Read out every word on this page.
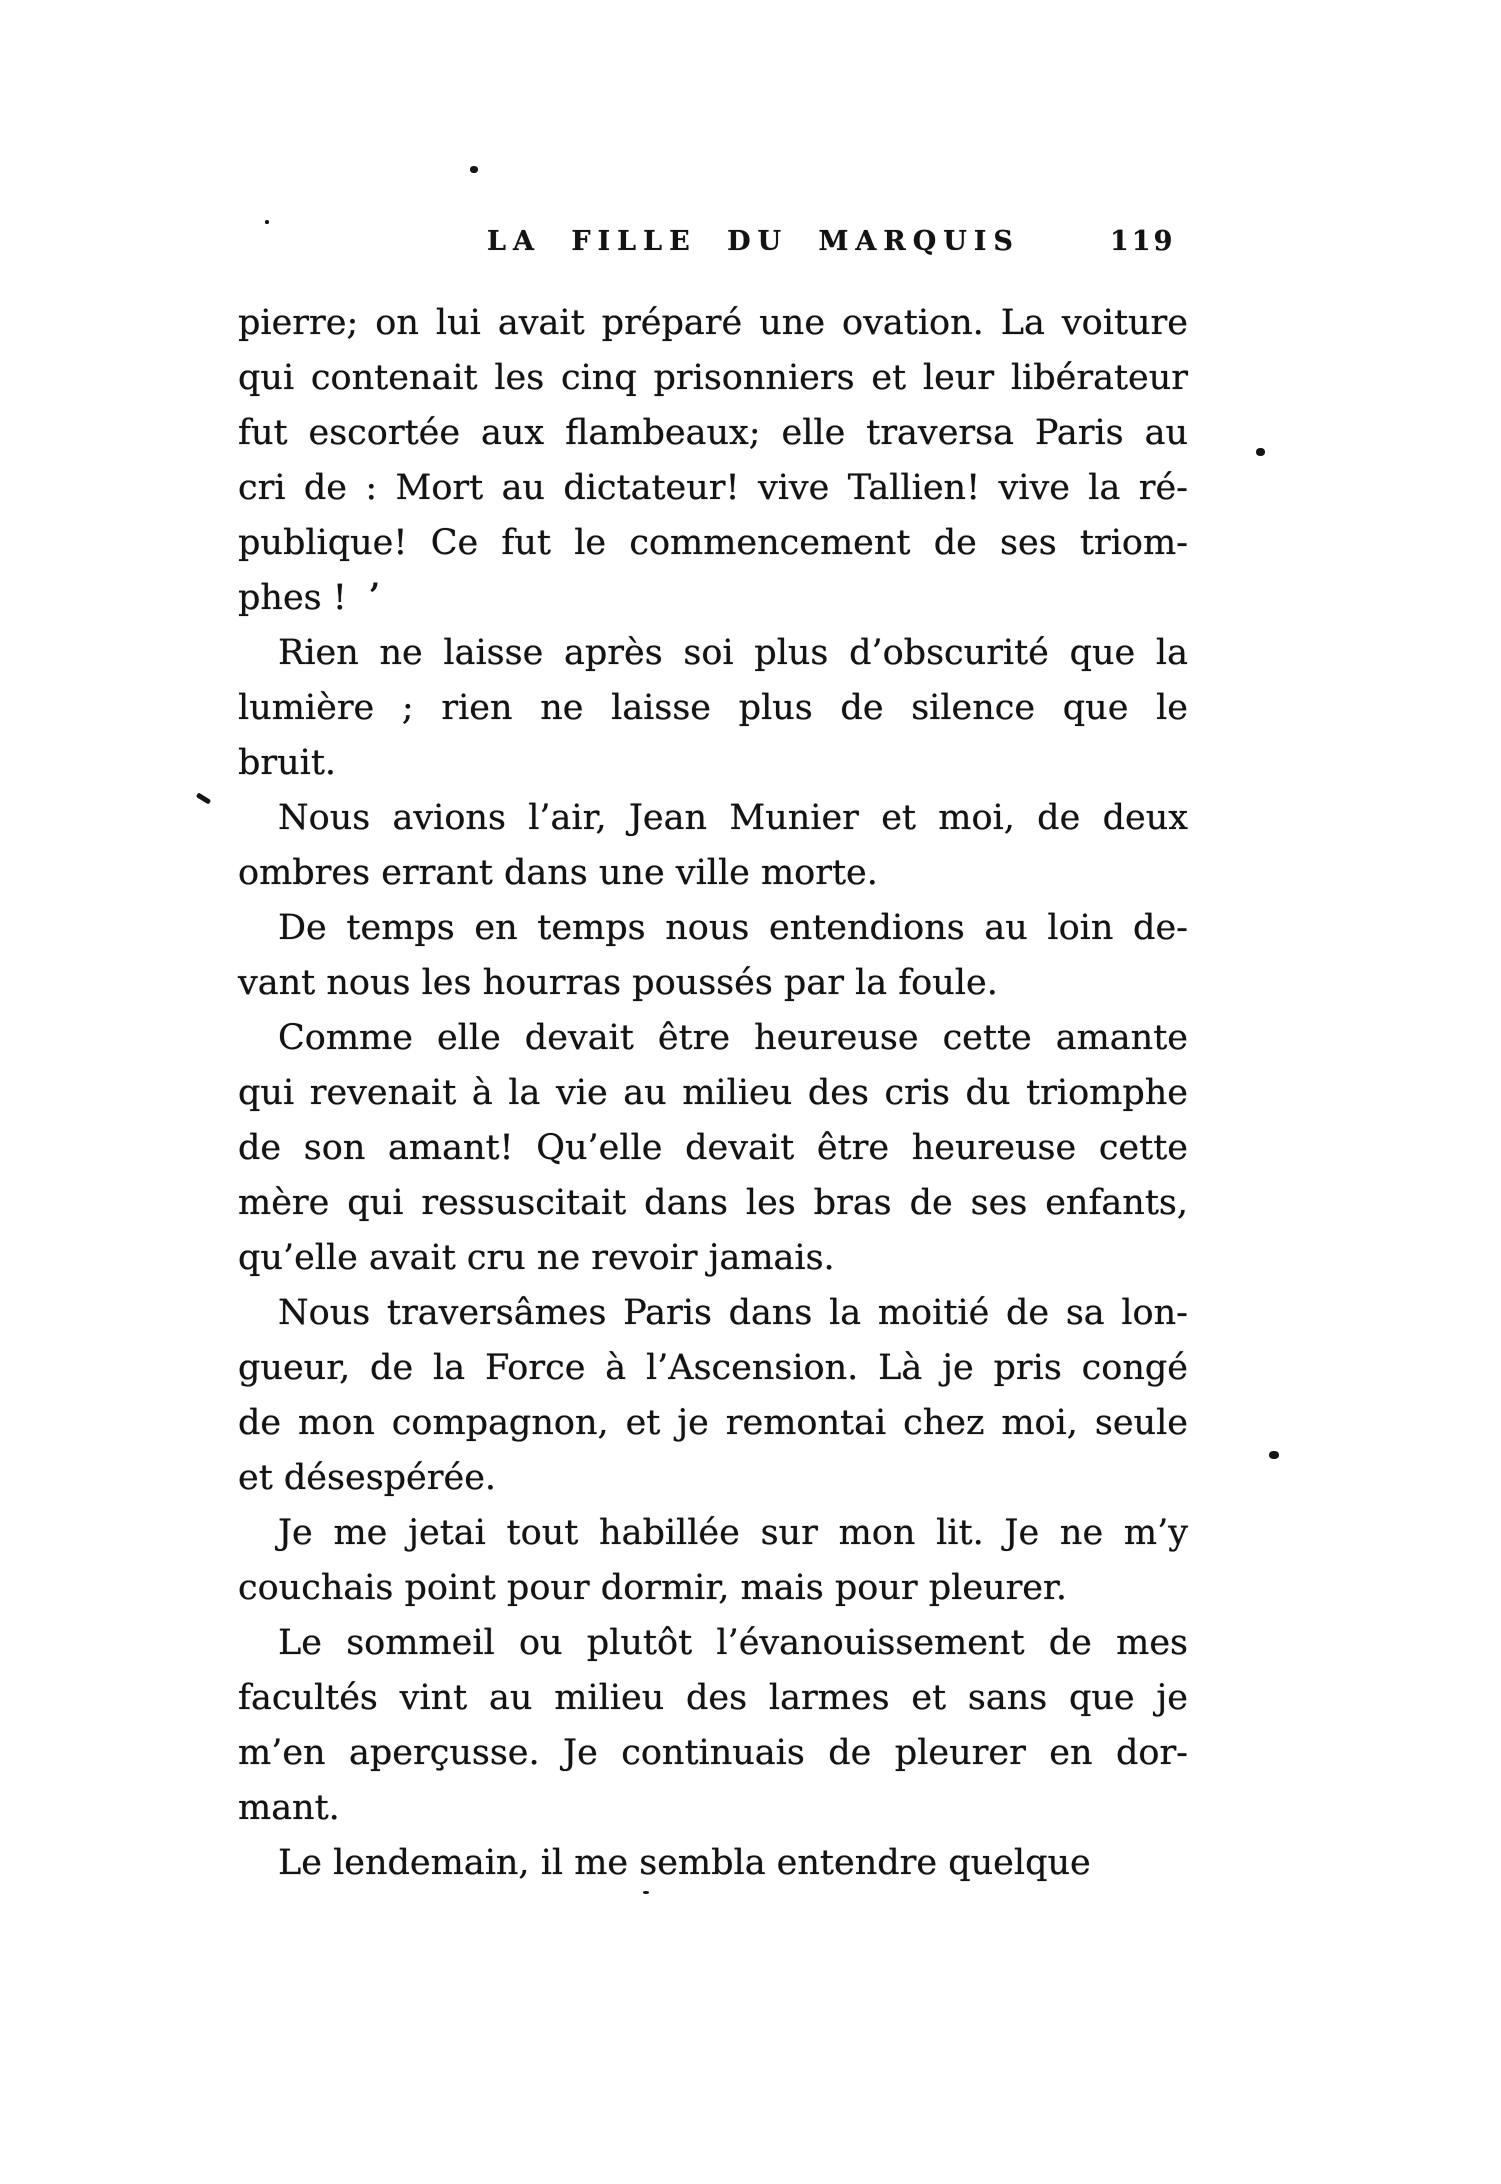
LA FILLE DU MARQUIS	119
pierre; on lui avait préparé une ovation. La voiture
qui contenait les cinq prisonniers et leur libérateur
fut escortée aux flambeaux; elle traversa Paris au
cri de : Mort au dictateur! vive Tallien! vive la ré-
publique! Ce fut le commencement de ses triom-
phes !
Rien ne laisse après soi plus d’obscurité que la
lumière ; rien ne laisse plus de silence que le
bruit.
Nous avions l’air, Jean Munier et moi, de deux
ombres errant dans une ville morte.
De temps en temps nous entendions au loin de-
vant nous les hourras poussés par la foule.
Comme elle devait être heureuse cette amante
qui revenait à la vie au milieu des cris du triomphe
de son amant! Qu’elle devait être heureuse cette
mère qui ressuscitait dans les bras de ses enfants,
qu’elle avait cru ne revoir jamais.
Nous traversâmes Paris dans la moitié de sa lon-
gueur, de la Force à l’Ascension. Là je pris congé
de mon compagnon, et je remontai chez moi, seule
et désespérée.
Je me jetai tout habillée sur mon lit. Je ne m’y
couchais point pour dormir, mais pour pleurer.
Le sommeil ou plutôt l’évanouissement de mes
facultés vint au milieu des larmes et sans que je
m’en aperçusse. Je continuais de pleurer en dor-
mant.
Le lendemain, il me sembla entendre quelque
,
